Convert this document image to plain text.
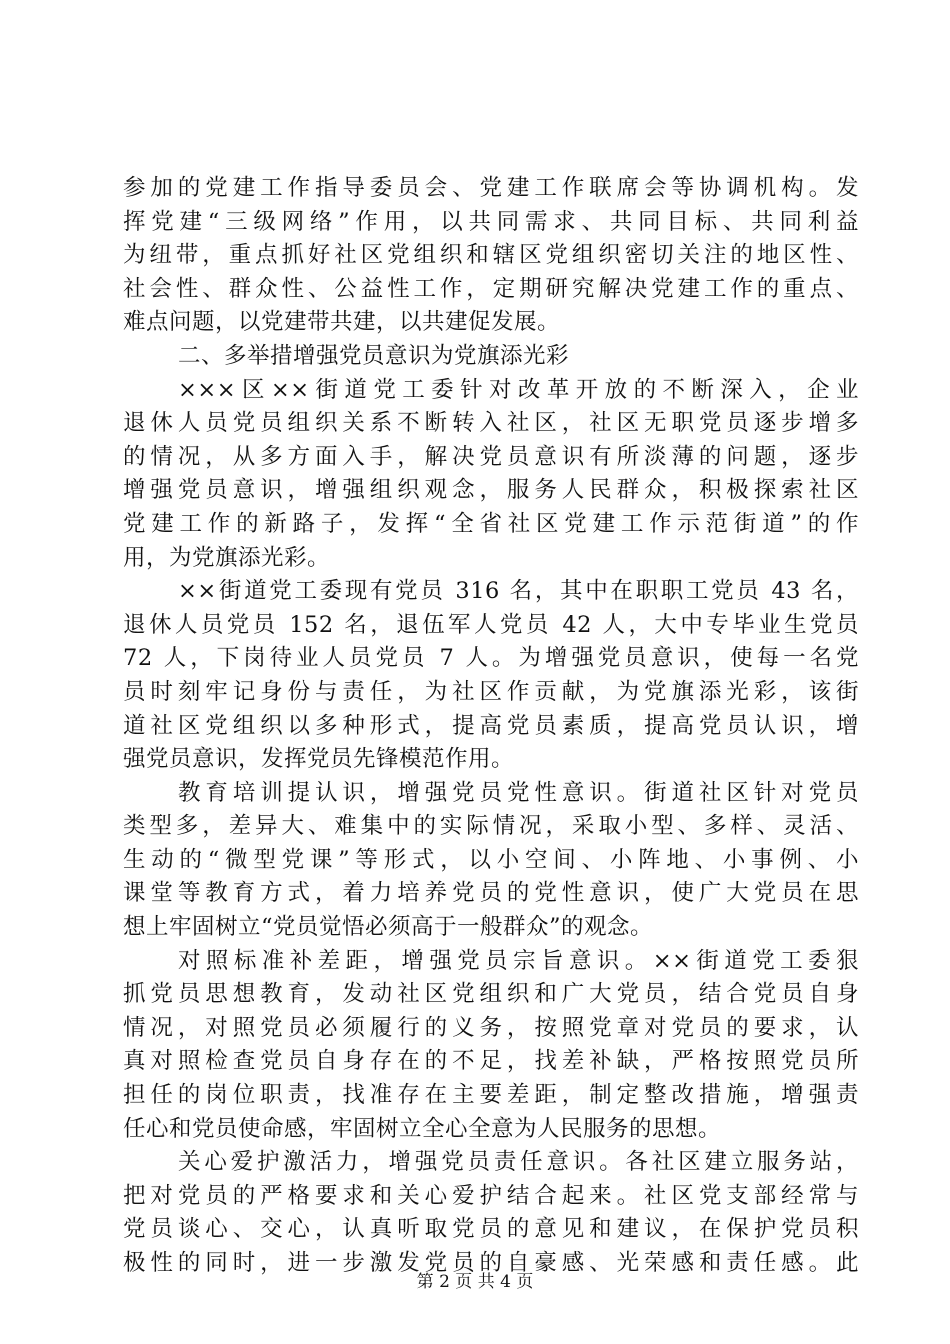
参加的党建工作指导委员会、党建工作联席会等协调机构。发
挥党建“三级网络”作用，以共同需求、共同目标、共同利益
为纽带，重点抓好社区党组织和辖区党组织密切关注的地区性、
社会性、群众性、公益性工作，定期研究解决党建工作的重点、
难点问题，以党建带共建，以共建促发展。
二、多举措增强党员意识为党旗添光彩
×××区××街道党工委针对改革开放的不断深入，企业
退休人员党员组织关系不断转入社区，社区无职党员逐步增多
的情况，从多方面入手，解决党员意识有所淡薄的问题，逐步
增强党员意识，增强组织观念，服务人民群众，积极探索社区
党建工作的新路子，发挥“全省社区党建工作示范街道”的作
用，为党旗添光彩。
××街道党工委现有党员 316 名，其中在职职工党员 43 名，
退休人员党员 152 名，退伍军人党员 42 人，大中专毕业生党员
72 人，下岗待业人员党员 7 人。为增强党员意识，使每一名党
员时刻牢记身份与责任，为社区作贡献，为党旗添光彩，该街
道社区党组织以多种形式，提高党员素质，提高党员认识，增
强党员意识，发挥党员先锋模范作用。
教育培训提认识，增强党员党性意识。街道社区针对党员
类型多，差异大、难集中的实际情况，采取小型、多样、灵活、
生动的“微型党课”等形式，以小空间、小阵地、小事例、小
课堂等教育方式，着力培养党员的党性意识，使广大党员在思
想上牢固树立“党员觉悟必须高于一般群众”的观念。
对照标准补差距，增强党员宗旨意识。××街道党工委狠
抓党员思想教育，发动社区党组织和广大党员，结合党员自身
情况，对照党员必须履行的义务，按照党章对党员的要求，认
真对照检查党员自身存在的不足，找差补缺，严格按照党员所
担任的岗位职责，找准存在主要差距，制定整改措施，增强责
任心和党员使命感，牢固树立全心全意为人民服务的思想。
关心爱护激活力，增强党员责任意识。各社区建立服务站，
把对党员的严格要求和关心爱护结合起来。社区党支部经常与
党员谈心、交心，认真听取党员的意见和建议，在保护党员积
极性的同时，进一步激发党员的自豪感、光荣感和责任感。此
第 2 页 共 4 页
